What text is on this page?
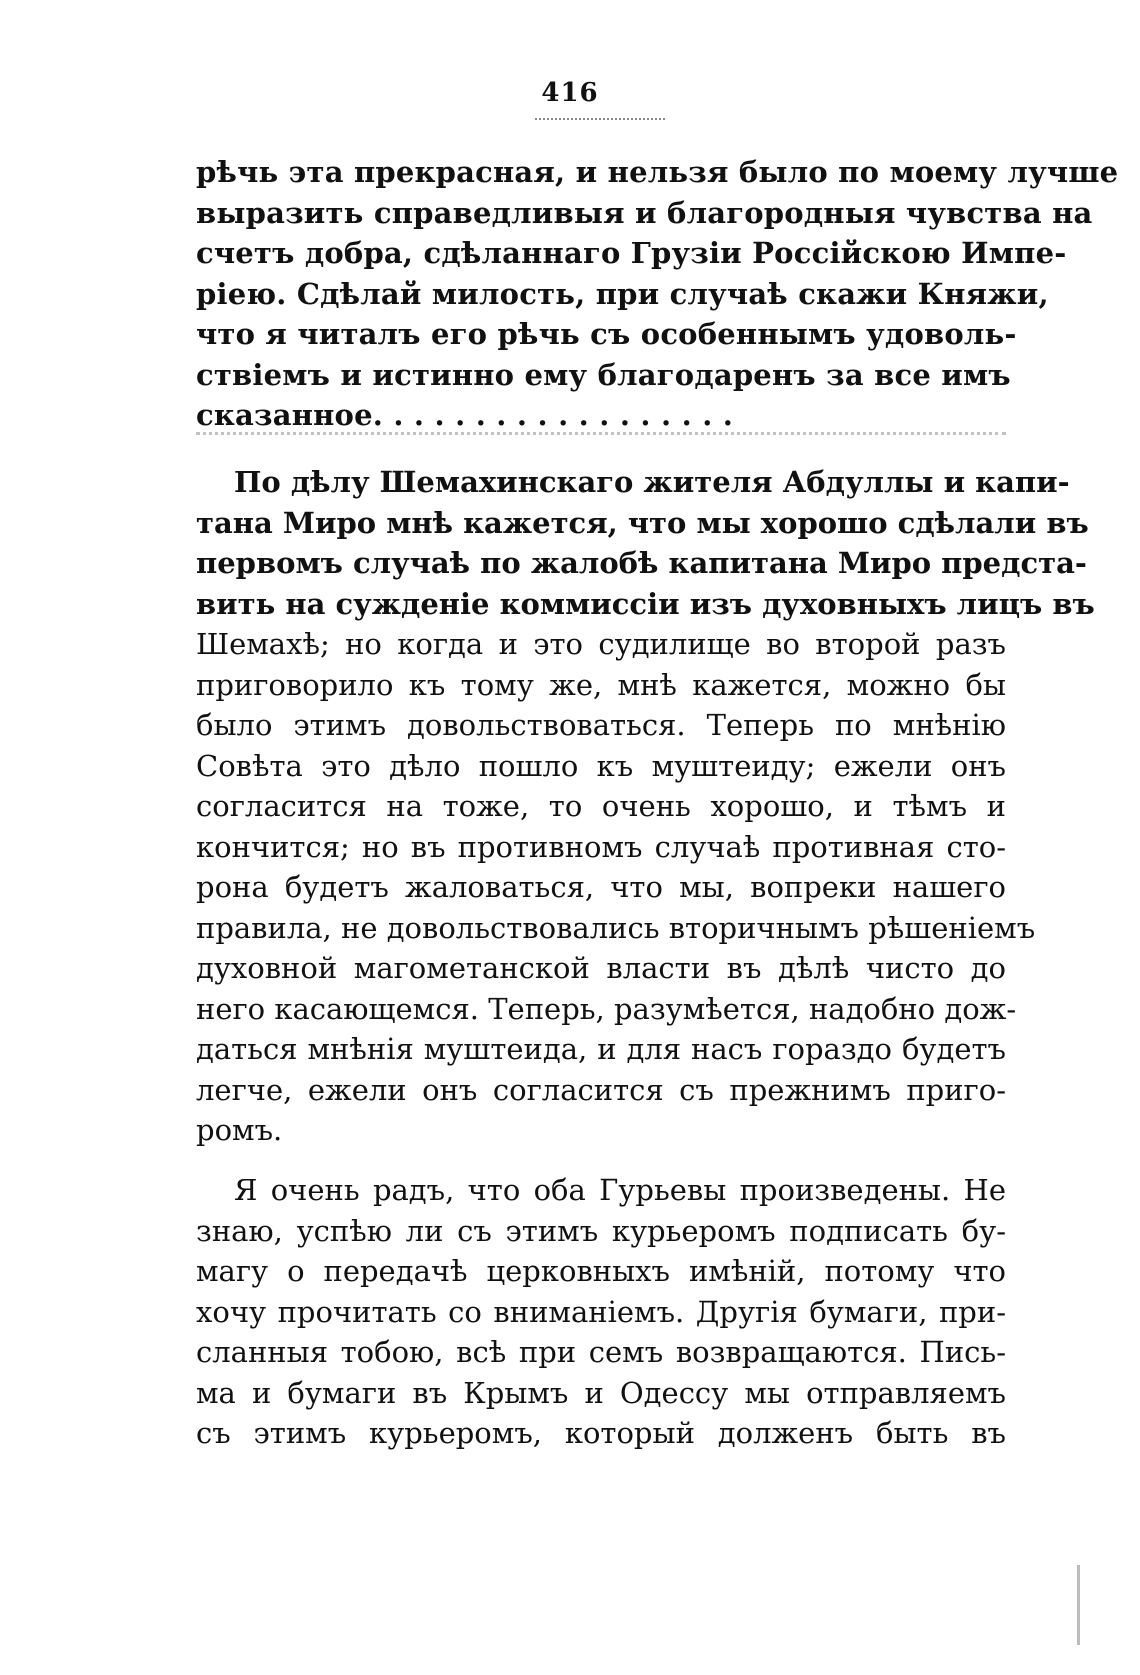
416
рѣчь эта прекрасная, и нельзя было по моему лучше
выразить справедливыя и благородныя чувства на
счетъ добра, сдѣланнаго Грузіи Россійскою Импе-
ріею. Сдѣлай милость, при случаѣ скажи Княжи,
что я читалъ его рѣчь съ особеннымъ удоволь-
ствіемъ и истинно ему благодаренъ за все имъ
сказанное. . . . . . . . . . . . . . . . . .
По дѣлу Шемахинскаго жителя Абдуллы и капи-
тана Миро мнѣ кажется, что мы хорошо сдѣлали въ
первомъ случаѣ по жалобѣ капитана Миро предста-
вить на сужденіе коммиссіи изъ духовныхъ лицъ въ
Шемахѣ; но когда и это судилище во второй разъ
приговорило къ тому же, мнѣ кажется, можно бы
было этимъ довольствоваться. Теперь по мнѣнію
Совѣта это дѣло пошло къ муштеиду; ежели онъ
согласится на тоже, то очень хорошо, и тѣмъ и
кончится; но въ противномъ случаѣ противная сто-
рона будетъ жаловаться, что мы, вопреки нашего
правила, не довольствовались вторичнымъ рѣшеніемъ
духовной магометанской власти въ дѣлѣ чисто до
него касающемся. Теперь, разумѣется, надобно дож-
даться мнѣнія муштеида, и для насъ гораздо будетъ
легче, ежели онъ согласится съ прежнимъ приго-
ромъ.
Я очень радъ, что оба Гурьевы произведены. Не
знаю, успѣю ли съ этимъ курьеромъ подписать бу-
магу о передачѣ церковныхъ имѣній, потому что
хочу прочитать со вниманіемъ. Другія бумаги, при-
сланныя тобою, всѣ при семъ возвращаются. Пись-
ма и бумаги въ Крымъ и Одессу мы отправляемъ
съ этимъ курьеромъ, который долженъ быть въ
